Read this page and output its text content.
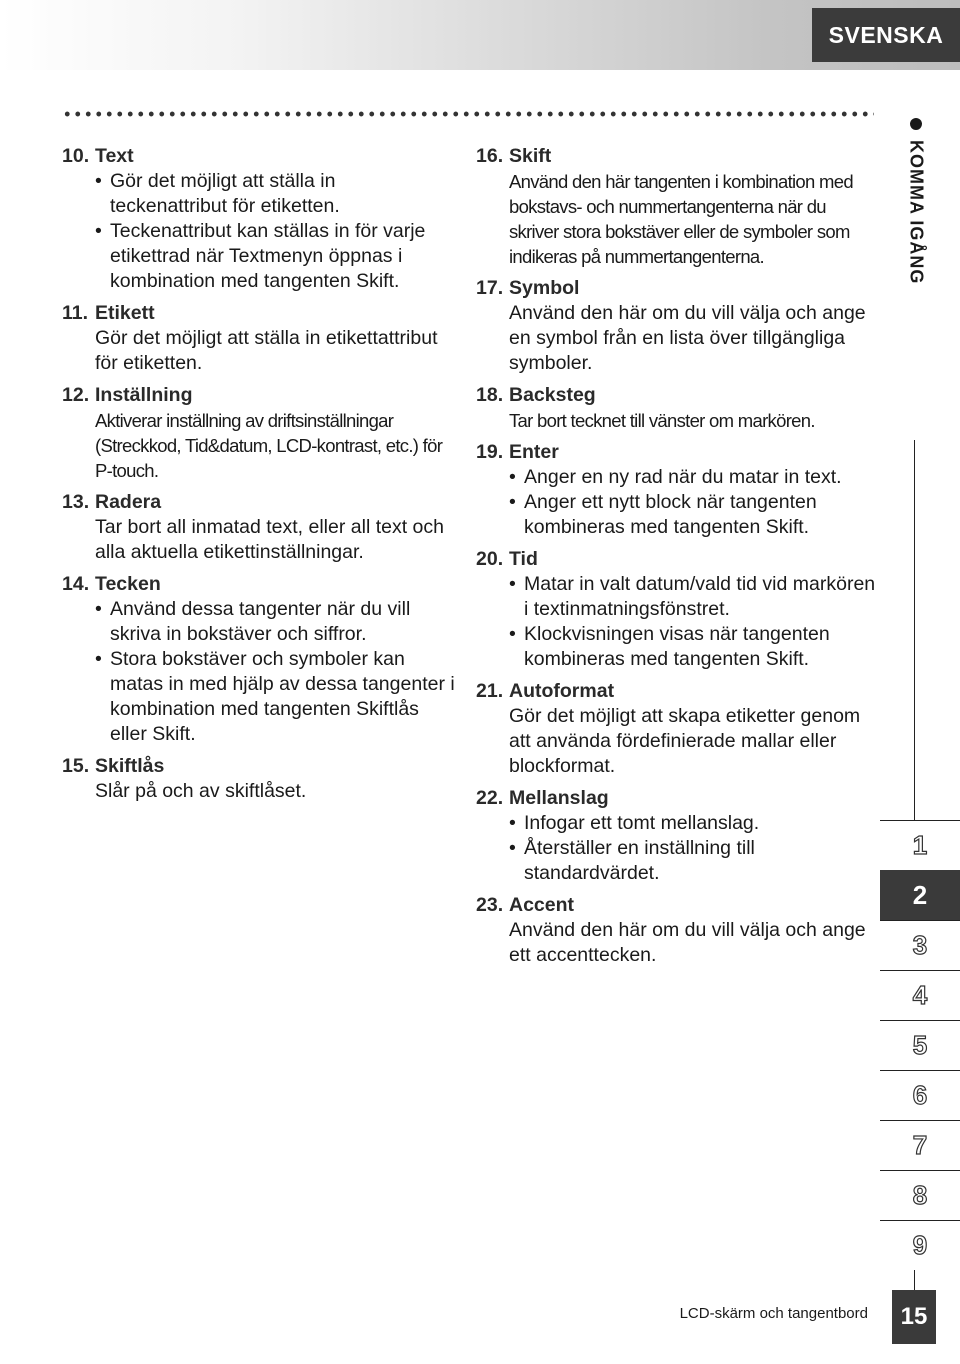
SVENSKA
10. Text
• Gör det möjligt att ställa in teckenattribut för etiketten.
• Teckenattribut kan ställas in för varje etikettrad när Textmenyn öppnas i kombination med tangenten Skift.
11. Etikett
Gör det möjligt att ställa in etikettattribut för etiketten.
12. Inställning
Aktiverar inställning av driftsinställningar (Streckkod, Tid&datum, LCD-kontrast, etc.) för P-touch.
13. Radera
Tar bort all inmatad text, eller all text och alla aktuella etikettinställningar.
14. Tecken
• Använd dessa tangenter när du vill skriva in bokstäver och siffror.
• Stora bokstäver och symboler kan matas in med hjälp av dessa tangenter i kombination med tangenten Skiftlås eller Skift.
15. Skiftlås
Slår på och av skiftlåset.
16. Skift
Använd den här tangenten i kombination med bokstavs- och nummertangenterna när du skriver stora bokstäver eller de symboler som indikeras på nummertangenterna.
17. Symbol
Använd den här om du vill välja och ange en symbol från en lista över tillgängliga symboler.
18. Backsteg
Tar bort tecknet till vänster om markören.
19. Enter
• Anger en ny rad när du matar in text.
• Anger ett nytt block när tangenten kombineras med tangenten Skift.
20. Tid
• Matar in valt datum/vald tid vid markören i textinmatningsfönstret.
• Klockvisningen visas när tangenten kombineras med tangenten Skift.
21. Autoformat
Gör det möjligt att skapa etiketter genom att använda fördefinierade mallar eller blockformat.
22. Mellanslag
• Infogar ett tomt mellanslag.
• Återställer en inställning till standardvärdet.
23. Accent
Använd den här om du vill välja och ange ett accenttecken.
KOMMA IGÅNG
1
2
3
4
5
6
7
8
9
LCD-skärm och tangentbord	15
